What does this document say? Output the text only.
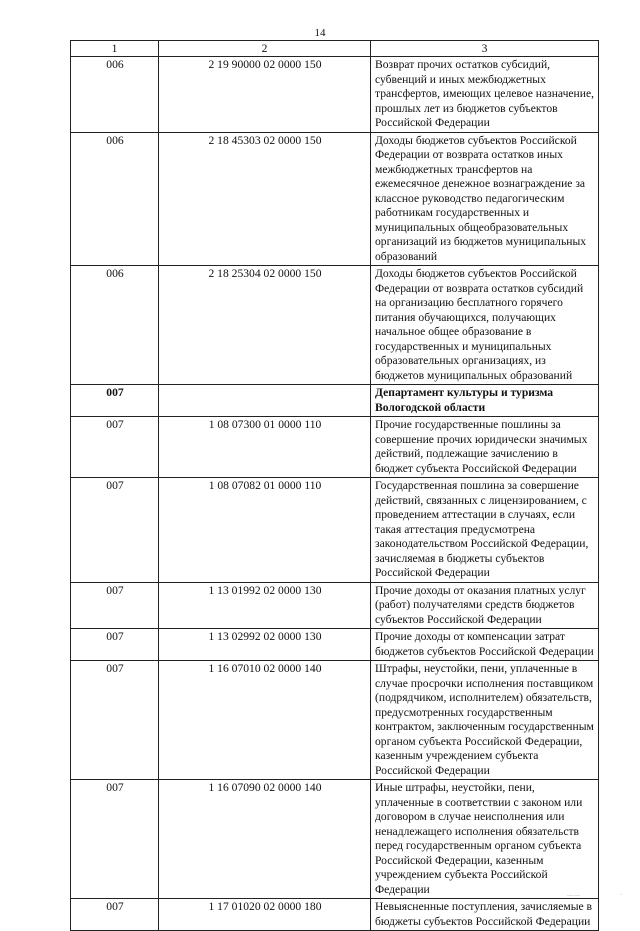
14
1	2	3
006	2 19 90000 02 0000 150	Возврат прочих остатков субсидий, субвенций и иных межбюджетных трансфертов, имеющих целевое назначение, прошлых лет из бюджетов субъектов Российской Федерации
006	2 18 45303 02 0000 150	Доходы бюджетов субъектов Российской Федерации от возврата остатков иных межбюджетных трансфертов на ежемесячное денежное вознаграждение за классное руководство педагогическим работникам государственных и муниципальных общеобразовательных организаций из бюджетов муниципальных образований
006	2 18 25304 02 0000 150	Доходы бюджетов субъектов Российской Федерации от возврата остатков субсидий на организацию бесплатного горячего питания обучающихся, получающих начальное общее образование в государственных и муниципальных образовательных организациях, из бюджетов муниципальных образований
007		Департамент культуры и туризма Вологодской области
007	1 08 07300 01 0000 110	Прочие государственные пошлины за совершение прочих юридически значимых действий, подлежащие зачислению в бюджет субъекта Российской Федерации
007	1 08 07082 01 0000 110	Государственная пошлина за совершение действий, связанных с лицензированием, с проведением аттестации в случаях, если такая аттестация предусмотрена законодательством Российской Федерации, зачисляемая в бюджеты субъектов Российской Федерации
007	1 13 01992 02 0000 130	Прочие доходы от оказания платных услуг (работ) получателями средств бюджетов субъектов Российской Федерации
007	1 13 02992 02 0000 130	Прочие доходы от компенсации затрат бюджетов субъектов Российской Федерации
007	1 16 07010 02 0000 140	Штрафы, неустойки, пени, уплаченные в случае просрочки исполнения поставщиком (подрядчиком, исполнителем) обязательств, предусмотренных государственным контрактом, заключенным государственным органом субъекта Российской Федерации, казенным учреждением субъекта Российской Федерации
007	1 16 07090 02 0000 140	Иные штрафы, неустойки, пени, уплаченные в соответствии с законом или договором в случае неисполнения или ненадлежащего исполнения обязательств перед государственным органом субъекта Российской Федерации, казенным учреждением субъекта Российской Федерации
007	1 17 01020 02 0000 180	Невыясненные поступления, зачисляемые в бюджеты субъектов Российской Федерации
……	·
